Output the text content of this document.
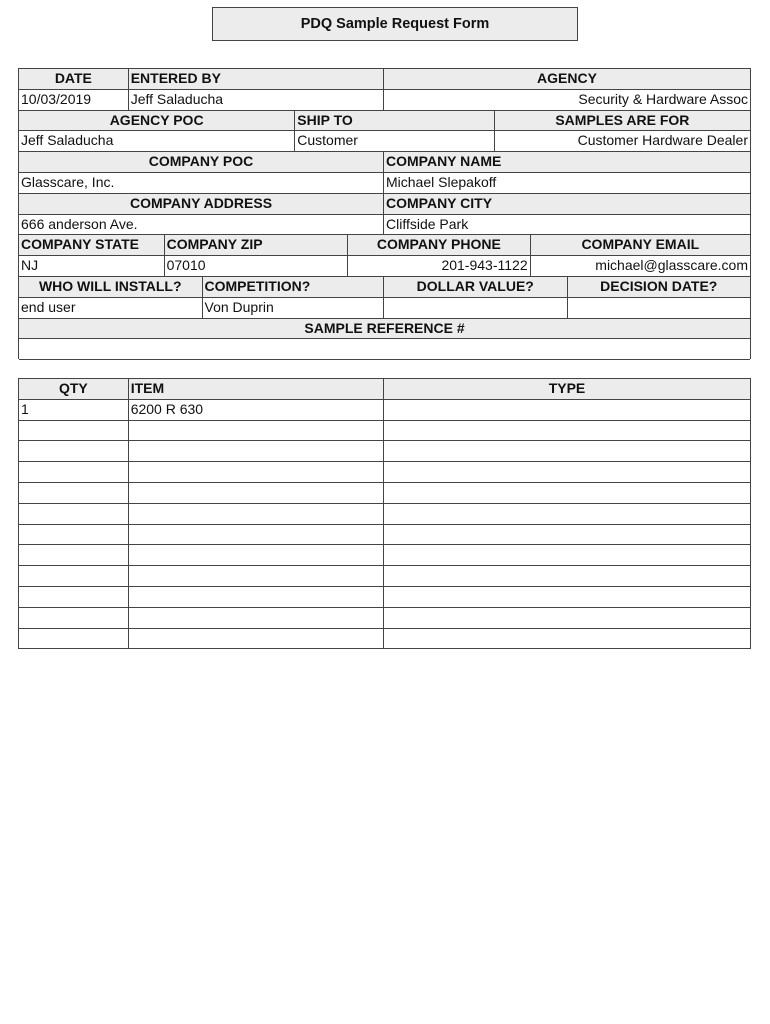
PDQ Sample Request Form
DATE	ENTERED BY	AGENCY
10/03/2019	Jeff Saladucha	Security & Hardware Assoc
AGENCY POC	SHIP TO	SAMPLES ARE FOR
Jeff Saladucha	Customer	Customer Hardware Dealer
COMPANY POC	COMPANY NAME
Glasscare, Inc.	Michael Slepakoff
COMPANY ADDRESS	COMPANY CITY
666 anderson Ave.	Cliffside Park
COMPANY STATE	COMPANY ZIP	COMPANY PHONE	COMPANY EMAIL
NJ	07010	201-943-1122	michael@glasscare.com
WHO WILL INSTALL?	COMPETITION?	DOLLAR VALUE?	DECISION DATE?
end user	Von Duprin
SAMPLE REFERENCE #
QTY	ITEM	TYPE
1	6200 R 630
